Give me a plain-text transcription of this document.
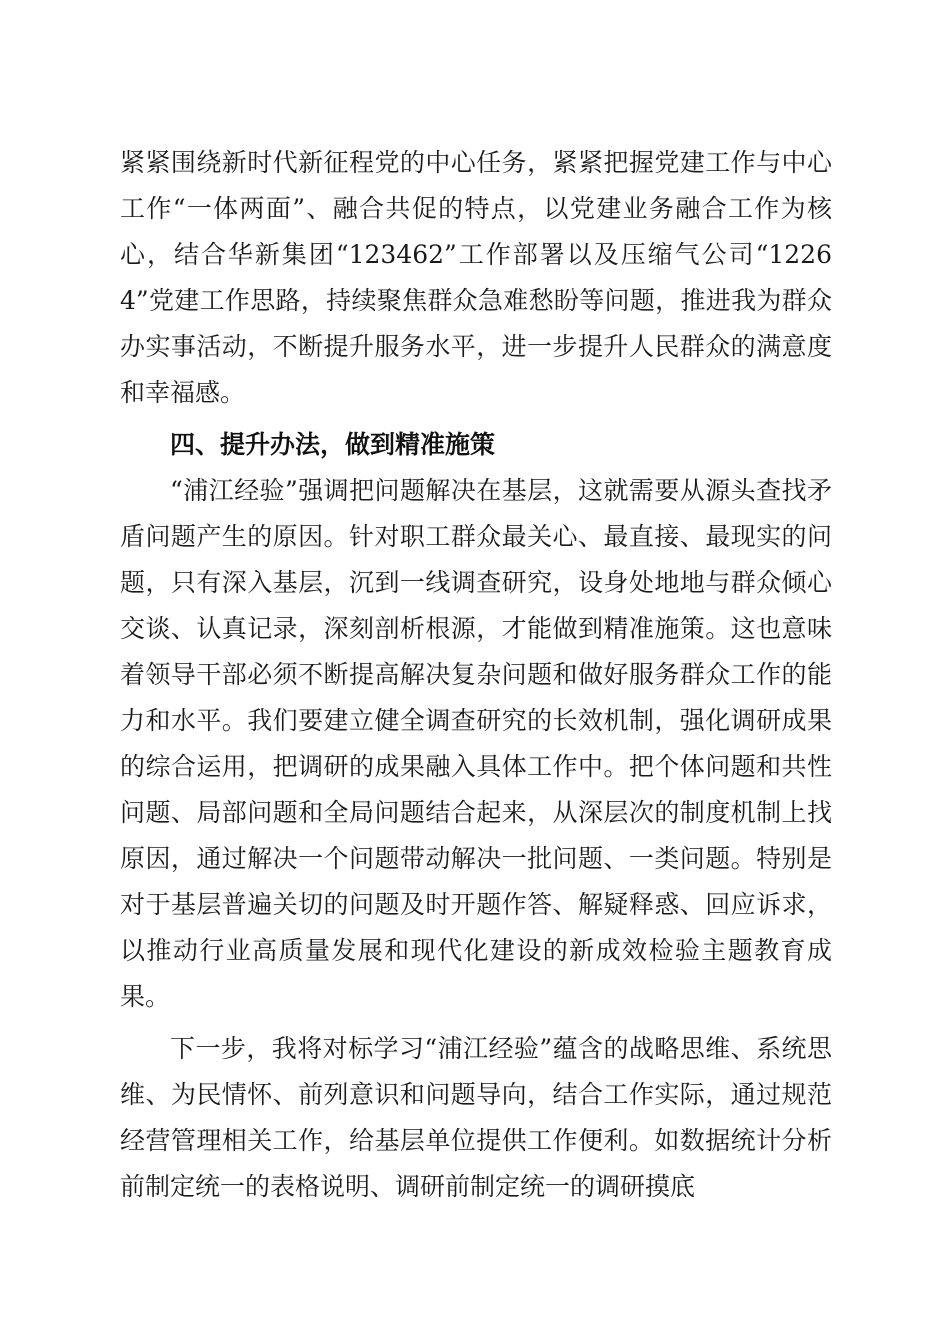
紧紧围绕新时代新征程党的中心任务，紧紧把握党建工作与中心工作“一体两面”、融合共促的特点，以党建业务融合工作为核心，结合华新集团“123462”工作部署以及压缩气公司“12264”党建工作思路，持续聚焦群众急难愁盼等问题，推进我为群众办实事活动，不断提升服务水平，进一步提升人民群众的满意度和幸福感。

四、提升办法，做到精准施策

“浦江经验”强调把问题解决在基层，这就需要从源头查找矛盾问题产生的原因。针对职工群众最关心、最直接、最现实的问题，只有深入基层，沉到一线调查研究，设身处地地与群众倾心交谈、认真记录，深刻剖析根源，才能做到精准施策。这也意味着领导干部必须不断提高解决复杂问题和做好服务群众工作的能力和水平。我们要建立健全调查研究的长效机制，强化调研成果的综合运用，把调研的成果融入具体工作中。把个体问题和共性问题、局部问题和全局问题结合起来，从深层次的制度机制上找原因，通过解决一个问题带动解决一批问题、一类问题。特别是对于基层普遍关切的问题及时开题作答、解疑释惑、回应诉求，以推动行业高质量发展和现代化建设的新成效检验主题教育成果。

下一步，我将对标学习“浦江经验”蕴含的战略思维、系统思维、为民情怀、前列意识和问题导向，结合工作实际，通过规范经营管理相关工作，给基层单位提供工作便利。如数据统计分析前制定统一的表格说明、调研前制定统一的调研摸底
